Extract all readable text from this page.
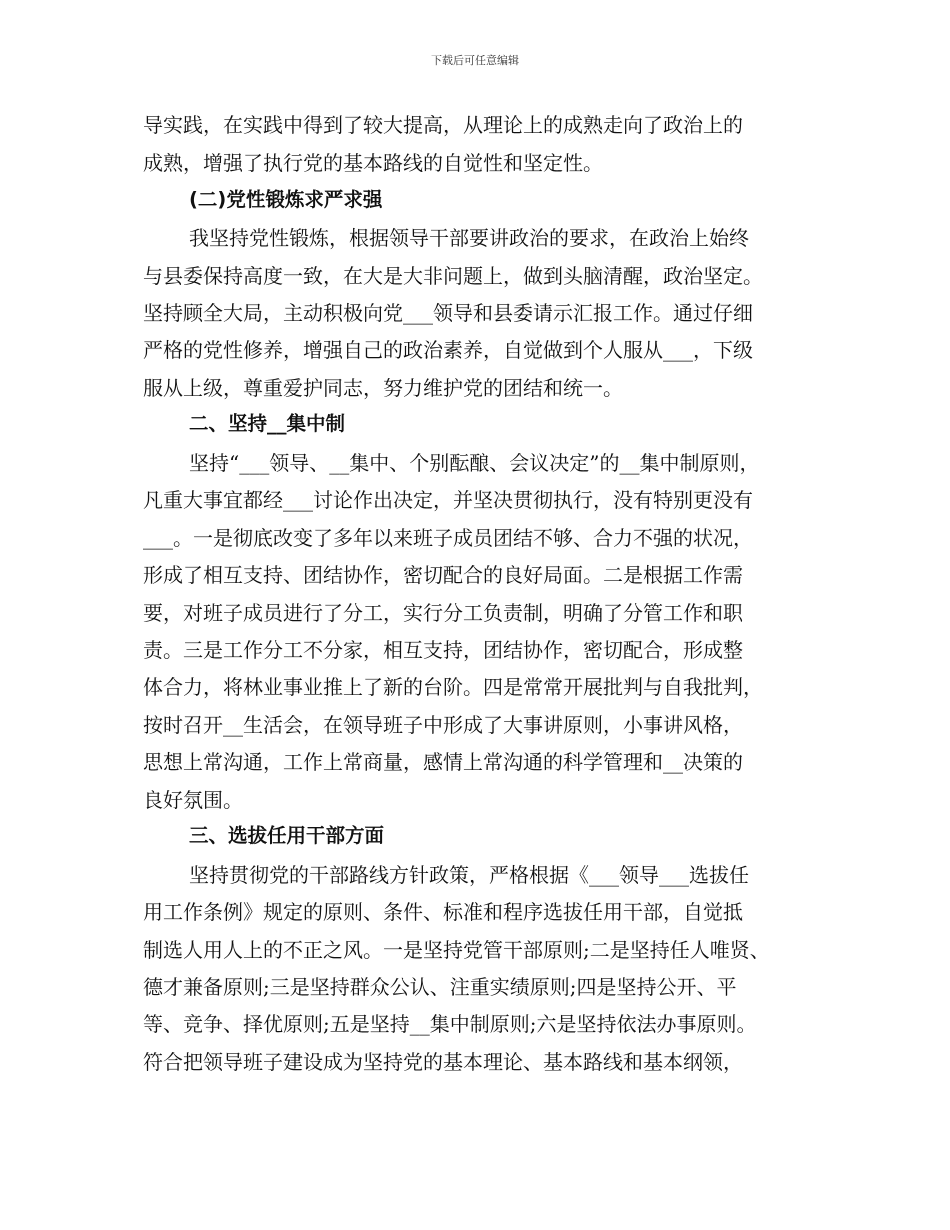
下载后可任意编辑
导实践，在实践中得到了较大提高，从理论上的成熟走向了政治上的
成熟，增强了执行党的基本路线的自觉性和坚定性。
(二)党性锻炼求严求强
我坚持党性锻炼，根据领导干部要讲政治的要求，在政治上始终
与县委保持高度一致，在大是大非问题上，做到头脑清醒，政治坚定。
坚持顾全大局，主动积极向党___领导和县委请示汇报工作。通过仔细
严格的党性修养，增强自己的政治素养，自觉做到个人服从___，下级
服从上级，尊重爱护同志，努力维护党的团结和统一。
二、坚持__集中制
坚持“___领导、__集中、个别酝酿、会议决定”的__集中制原则，
凡重大事宜都经___讨论作出决定，并坚决贯彻执行，没有特别更没有
___。一是彻底改变了多年以来班子成员团结不够、合力不强的状况，
形成了相互支持、团结协作，密切配合的良好局面。二是根据工作需
要，对班子成员进行了分工，实行分工负责制，明确了分管工作和职
责。三是工作分工不分家，相互支持，团结协作，密切配合，形成整
体合力，将林业事业推上了新的台阶。四是常常开展批判与自我批判，
按时召开__生活会，在领导班子中形成了大事讲原则，小事讲风格，
思想上常沟通，工作上常商量，感情上常沟通的科学管理和__决策的
良好氛围。
三、选拔任用干部方面
坚持贯彻党的干部路线方针政策，严格根据《___领导___选拔任
用工作条例》规定的原则、条件、标准和程序选拔任用干部，自觉抵
制选人用人上的不正之风。一是坚持党管干部原则;二是坚持任人唯贤、
德才兼备原则;三是坚持群众公认、注重实绩原则;四是坚持公开、平
等、竞争、择优原则;五是坚持__集中制原则;六是坚持依法办事原则。
符合把领导班子建设成为坚持党的基本理论、基本路线和基本纲领，
